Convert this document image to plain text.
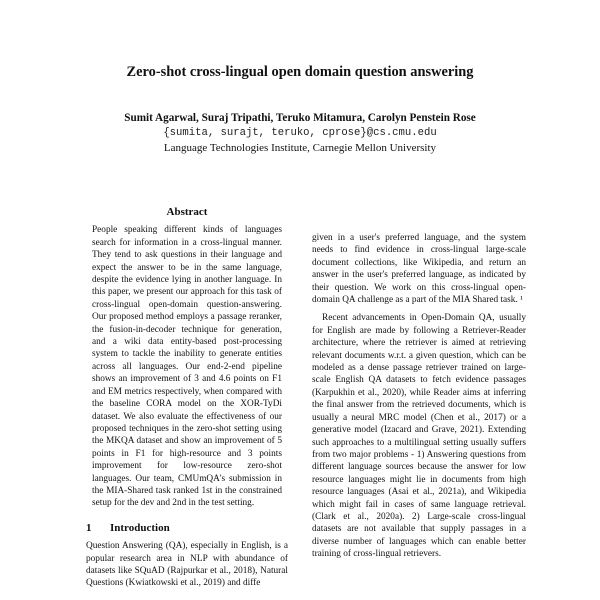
Zero-shot cross-lingual open domain question answering
Sumit Agarwal, Suraj Tripathi, Teruko Mitamura, Carolyn Penstein Rose
{sumita, surajt, teruko, cprose}@cs.cmu.edu
Language Technologies Institute, Carnegie Mellon University
Abstract

People speaking different kinds of languages search for information in a cross-lingual manner. They tend to ask questions in their language and expect the answer to be in the same language, despite the evidence lying in another language. In this paper, we present our approach for this task of cross-lingual open-domain question-answering. Our proposed method employs a passage reranker, the fusion-in-decoder technique for generation, and a wiki data entity-based post-processing system to tackle the inability to generate entities across all languages. Our end-2-end pipeline shows an improvement of 3 and 4.6 points on F1 and EM metrics respectively, when compared with the baseline CORA model on the XOR-TyDi dataset. We also evaluate the effectiveness of our proposed techniques in the zero-shot setting using the MKQA dataset and show an improvement of 5 points in F1 for high-resource and 3 points improvement for low-resource zero-shot languages. Our team, CMUmQA's submission in the MIA-Shared task ranked 1st in the constrained setup for the dev and 2nd in the test setting.

1 Introduction

Question Answering (QA), especially in English, is a popular research area in NLP with abundance of datasets like SQuAD (Rajpurkar et al., 2018), Natural Questions (Kwiatkowski et al., 2019) and diffe

given in a user's preferred language, and the system needs to find evidence in cross-lingual large-scale document collections, like Wikipedia, and return an answer in the user's preferred language, as indicated by their question. We work on this cross-lingual open-domain QA challenge as a part of the MIA Shared task. ¹

Recent advancements in Open-Domain QA, usually for English are made by following a Retriever-Reader architecture, where the retriever is aimed at retrieving relevant documents w.r.t. a given question, which can be modeled as a dense passage retriever trained on large-scale English QA datasets to fetch evidence passages (Karpukhin et al., 2020), while Reader aims at inferring the final answer from the retrieved documents, which is usually a neural MRC model (Chen et al., 2017) or a generative model (Izacard and Grave, 2021). Extending such approaches to a multilingual setting usually suffers from two major problems - 1) Answering questions from different language sources because the answer for low resource languages might lie in documents from high resource languages (Asai et al., 2021a), and Wikipedia which might fail in cases of same language retrieval. (Clark et al., 2020a). 2) Large-scale cross-lingual datasets are not available that supply passages in a diverse number of languages which can enable better training of cross-lingual retrievers.
